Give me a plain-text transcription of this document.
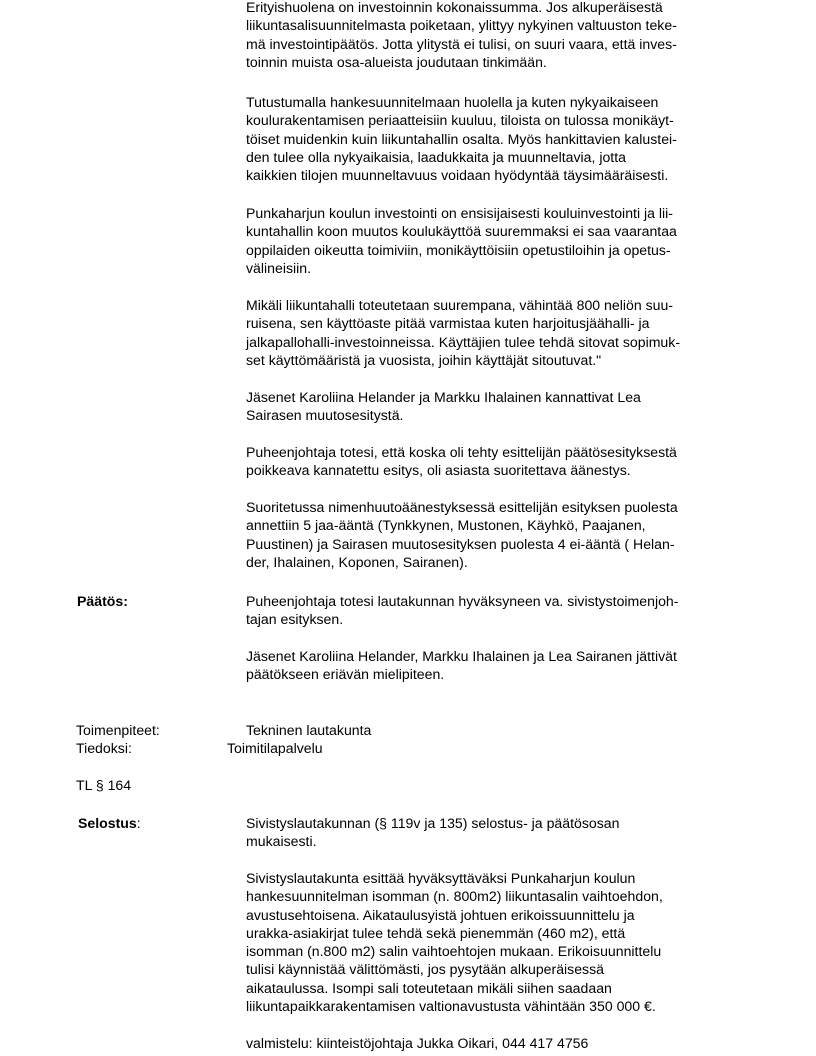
Erityishuolena on investoinnin kokonaissumma. Jos alkuperäisestä
liikuntasalisuunnitelmasta poiketaan, ylittyy nykyinen valtuuston teke-
mä investointipäätös. Jotta ylitystä ei tulisi, on suuri vaara, että inves-
toinnin muista osa-alueista joudutaan tinkimään.
Tutustumalla hankesuunnitelmaan huolella ja kuten nykyaikaiseen
koulurakentamisen periaatteisiin kuuluu, tiloista on tulossa monikäyt-
töiset muidenkin kuin liikuntahallin osalta. Myös hankittavien kalustei-
den tulee olla nykyaikaisia, laadukkaita ja muunneltavia, jotta
kaikkien tilojen muunneltavuus voidaan hyödyntää täysimääräisesti.
Punkaharjun koulun investointi on ensisijaisesti kouluinvestointi ja lii-
kuntahallin koon muutos koulukäyttöä suuremmaksi ei saa vaarantaa
oppilaiden oikeutta toimiviin, monikäyttöisiin opetustiloihin ja opetus-
välineisiin.
Mikäli liikuntahalli toteutetaan suurempana, vähintää 800 neliön suu-
ruisena, sen käyttöaste pitää varmistaa kuten harjoitusjäähalli- ja
jalkapallohalli-investoinneissa. Käyttäjien tulee tehdä sitovat sopimuk-
set käyttömääristä ja vuosista, joihin käyttäjät sitoutuvat."
Jäsenet Karoliina Helander ja Markku Ihalainen kannattivat Lea
Sairasen muutosesitystä.
Puheenjohtaja totesi, että koska oli tehty esittelijän päätösesityksestä
poikkeava kannatettu esitys, oli asiasta suoritettava äänestys.
Suoritetussa nimenhuutoäänestyksessä esittelijän esityksen puolesta
annettiin 5 jaa-ääntä (Tynkkynen, Mustonen, Käyhkö, Paajanen,
Puustinen) ja Sairasen muutosesityksen puolesta 4 ei-ääntä ( Helan-
der, Ihalainen, Koponen, Sairanen).
Päätös:	Puheenjohtaja totesi lautakunnan hyväksyneen va. sivistystoimenjoh-
tajan esityksen.
Jäsenet Karoliina Helander, Markku Ihalainen ja Lea Sairanen jättivät
päätökseen eriävän mielipiteen.
Toimenpiteet:	Tekninen lautakunta
Tiedoksi:	Toimitilapalvelu
TL § 164
Selostus:	Sivistyslautakunnan (§ 119v ja 135) selostus- ja päätösosan
mukaisesti.
Sivistyslautakunta esittää hyväksyttäväksi Punkaharjun koulun
hankesuunnitelman isomman (n. 800m2) liikuntasalin vaihtoehdon,
avustusehtoisena. Aikataulusyistä johtuen erikoissuunnittelu ja
urakka-asiakirjat tulee tehdä sekä pienemmän (460 m2), että
isomman (n.800 m2) salin vaihtoehtojen mukaan. Erikoisuunnittelu
tulisi käynnistää välittömästi, jos pysytään alkuperäisessä
aikataulussa. Isompi sali toteutetaan mikäli siihen saadaan
liikuntapaikkarakentamisen valtionavustusta vähintään 350 000 €.
valmistelu: kiinteistöjohtaja Jukka Oikari, 044 417 4756
